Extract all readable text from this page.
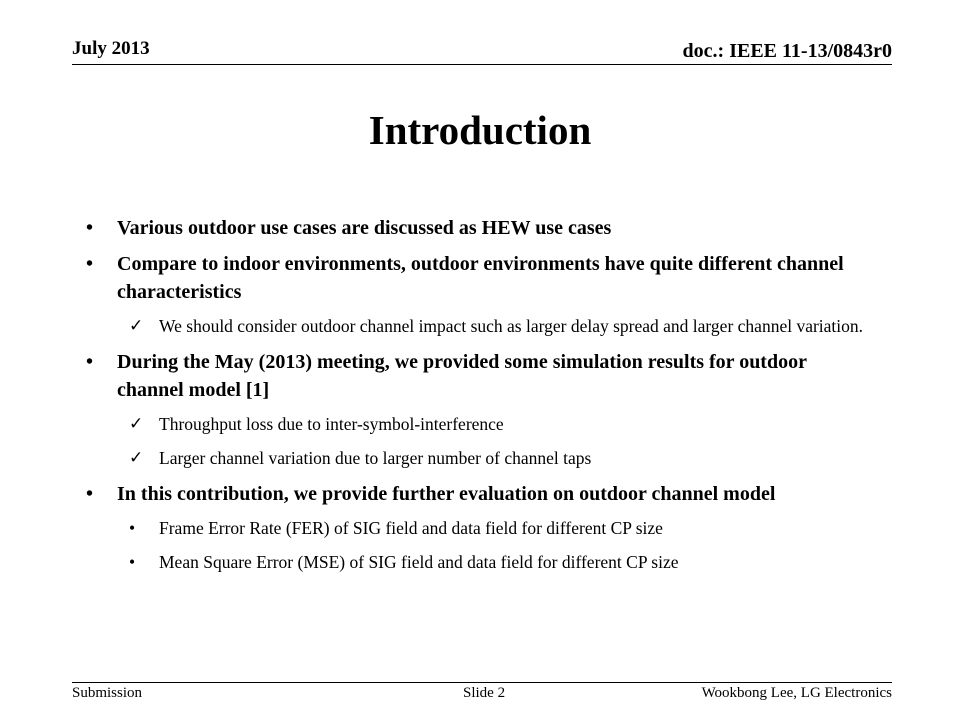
July 2013	doc.: IEEE 11-13/0843r0
Introduction
• Various outdoor use cases are discussed as HEW use cases
• Compare to indoor environments, outdoor environments have quite different channel characteristics
✓ We should consider outdoor channel impact such as larger delay spread and larger channel variation.
• During the May (2013) meeting, we provided some simulation results for outdoor channel model [1]
✓ Throughput loss due to inter-symbol-interference
✓ Larger channel variation due to larger number of channel taps
• In this contribution, we provide further evaluation on outdoor channel model
• Frame Error Rate (FER) of SIG field and data field for different CP size
• Mean Square Error (MSE) of SIG field and data field for different CP size
Submission	Slide 2	Wookbong Lee, LG Electronics
